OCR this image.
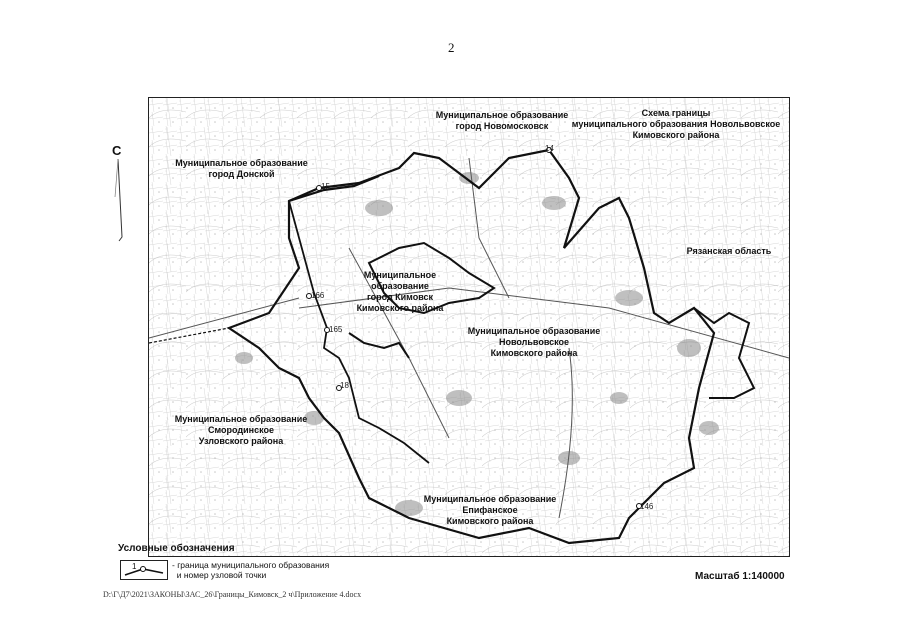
2
С	14
15
166
165
18
146
Муниципальное образование
город Новомосковск
Схема границы
муниципального образования Новольвовское
Кимовского района
Муниципальное образование
город Донской
Рязанская область
Муниципальное образование
город Кимовск
Кимовского района
Муниципальное образование
Новольвовское
Кимовского района
Муниципальное образование
Смородинское
Узловского района
Муниципальное образование
Епифанское
Кимовского района
Условные обозначения
1	- граница муниципального образования
и номер узловой точки	Масштаб 1:140000
D:\Г\Д7\2021\ЗАКОНЫ\ЗАС_26\Границы_Кимовск_2 ч\Приложение 4.docx
